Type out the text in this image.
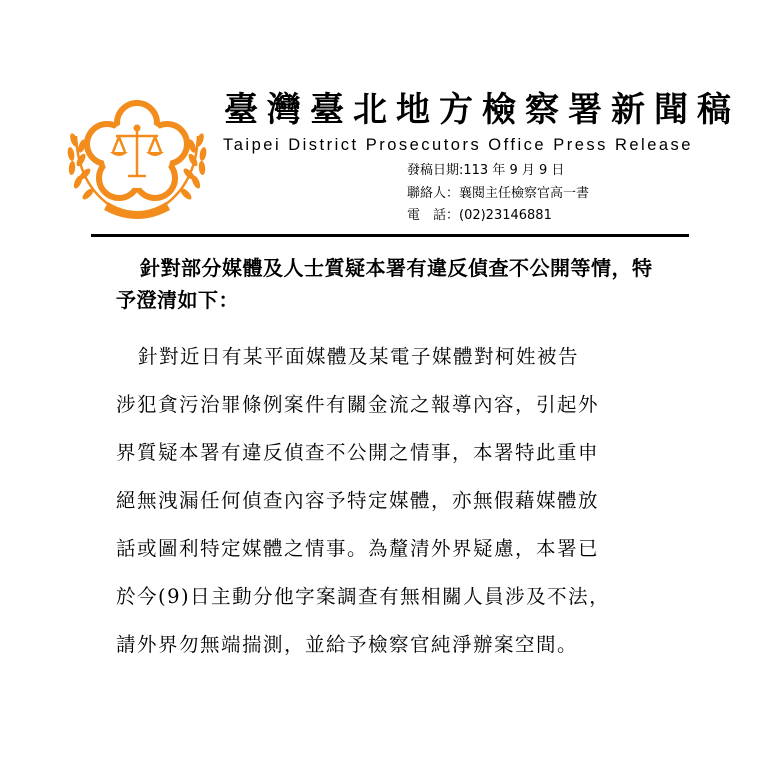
臺灣臺北地方檢察署新聞稿
Taipei District Prosecutors Office Press Release
發稿日期:113 年 9 月 9 日
聯絡人：襄閱主任檢察官高一書
電　話：(02)23146881
針對部分媒體及人士質疑本署有違反偵查不公開等情，特予澄清如下：
針對近日有某平面媒體及某電子媒體對柯姓被告
涉犯貪污治罪條例案件有關金流之報導內容，引起外
界質疑本署有違反偵查不公開之情事，本署特此重申
絕無洩漏任何偵查內容予特定媒體，亦無假藉媒體放
話或圖利特定媒體之情事。為釐清外界疑慮，本署已
於今(9)日主動分他字案調查有無相關人員涉及不法，
請外界勿無端揣測，並給予檢察官純淨辦案空間。
